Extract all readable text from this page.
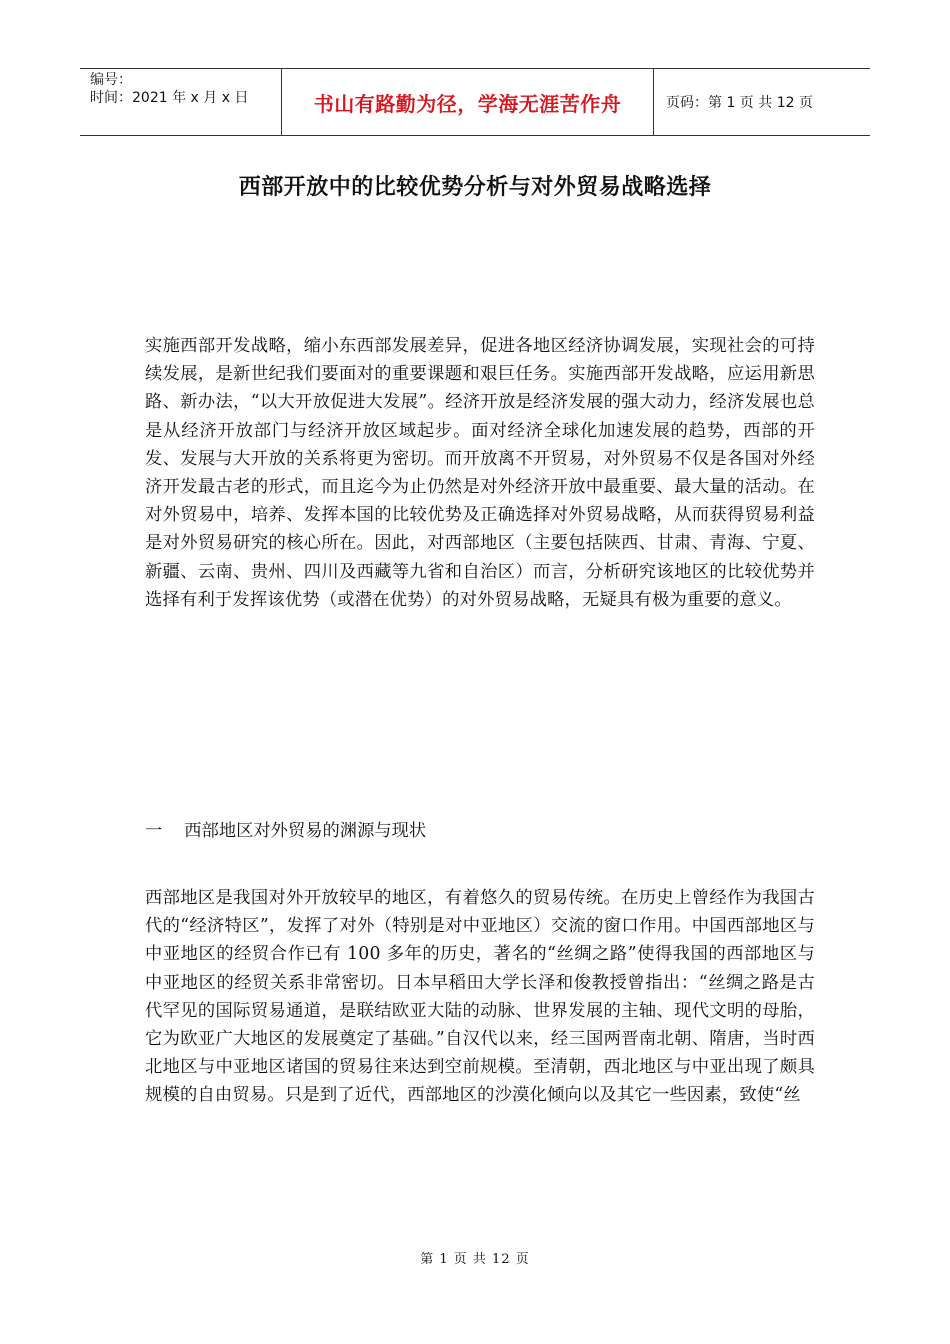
编号：
时间：2021 年 x 月 x 日	书山有路勤为径，学海无涯苦作舟	页码：第 1 页 共 12 页
西部开放中的比较优势分析与对外贸易战略选择
实施西部开发战略，缩小东西部发展差异，促进各地区经济协调发展，实现社会的可持续发展，是新世纪我们要面对的重要课题和艰巨任务。实施西部开发战略，应运用新思路、新办法，“以大开放促进大发展”。经济开放是经济发展的强大动力，经济发展也总是从经济开放部门与经济开放区域起步。面对经济全球化加速发展的趋势，西部的开发、发展与大开放的关系将更为密切。而开放离不开贸易，对外贸易不仅是各国对外经济开发最古老的形式，而且迄今为止仍然是对外经济开放中最重要、最大量的活动。在对外贸易中，培养、发挥本国的比较优势及正确选择对外贸易战略，从而获得贸易利益是对外贸易研究的核心所在。因此，对西部地区（主要包括陕西、甘肃、青海、宁夏、新疆、云南、贵州、四川及西藏等九省和自治区）而言，分析研究该地区的比较优势并选择有利于发挥该优势（或潜在优势）的对外贸易战略，无疑具有极为重要的意义。
一    西部地区对外贸易的渊源与现状
西部地区是我国对外开放较早的地区，有着悠久的贸易传统。在历史上曾经作为我国古代的“经济特区”，发挥了对外（特别是对中亚地区）交流的窗口作用。中国西部地区与中亚地区的经贸合作已有 100 多年的历史，著名的“丝绸之路”使得我国的西部地区与中亚地区的经贸关系非常密切。日本早稻田大学长泽和俊教授曾指出：“丝绸之路是古代罕见的国际贸易通道，是联结欧亚大陆的动脉、世界发展的主轴、现代文明的母胎，它为欧亚广大地区的发展奠定了基础。”自汉代以来，经三国两晋南北朝、隋唐，当时西北地区与中亚地区诸国的贸易往来达到空前规模。至清朝，西北地区与中亚出现了颇具规模的自由贸易。只是到了近代，西部地区的沙漠化倾向以及其它一些因素，致使“丝
第 1 页 共 12 页
